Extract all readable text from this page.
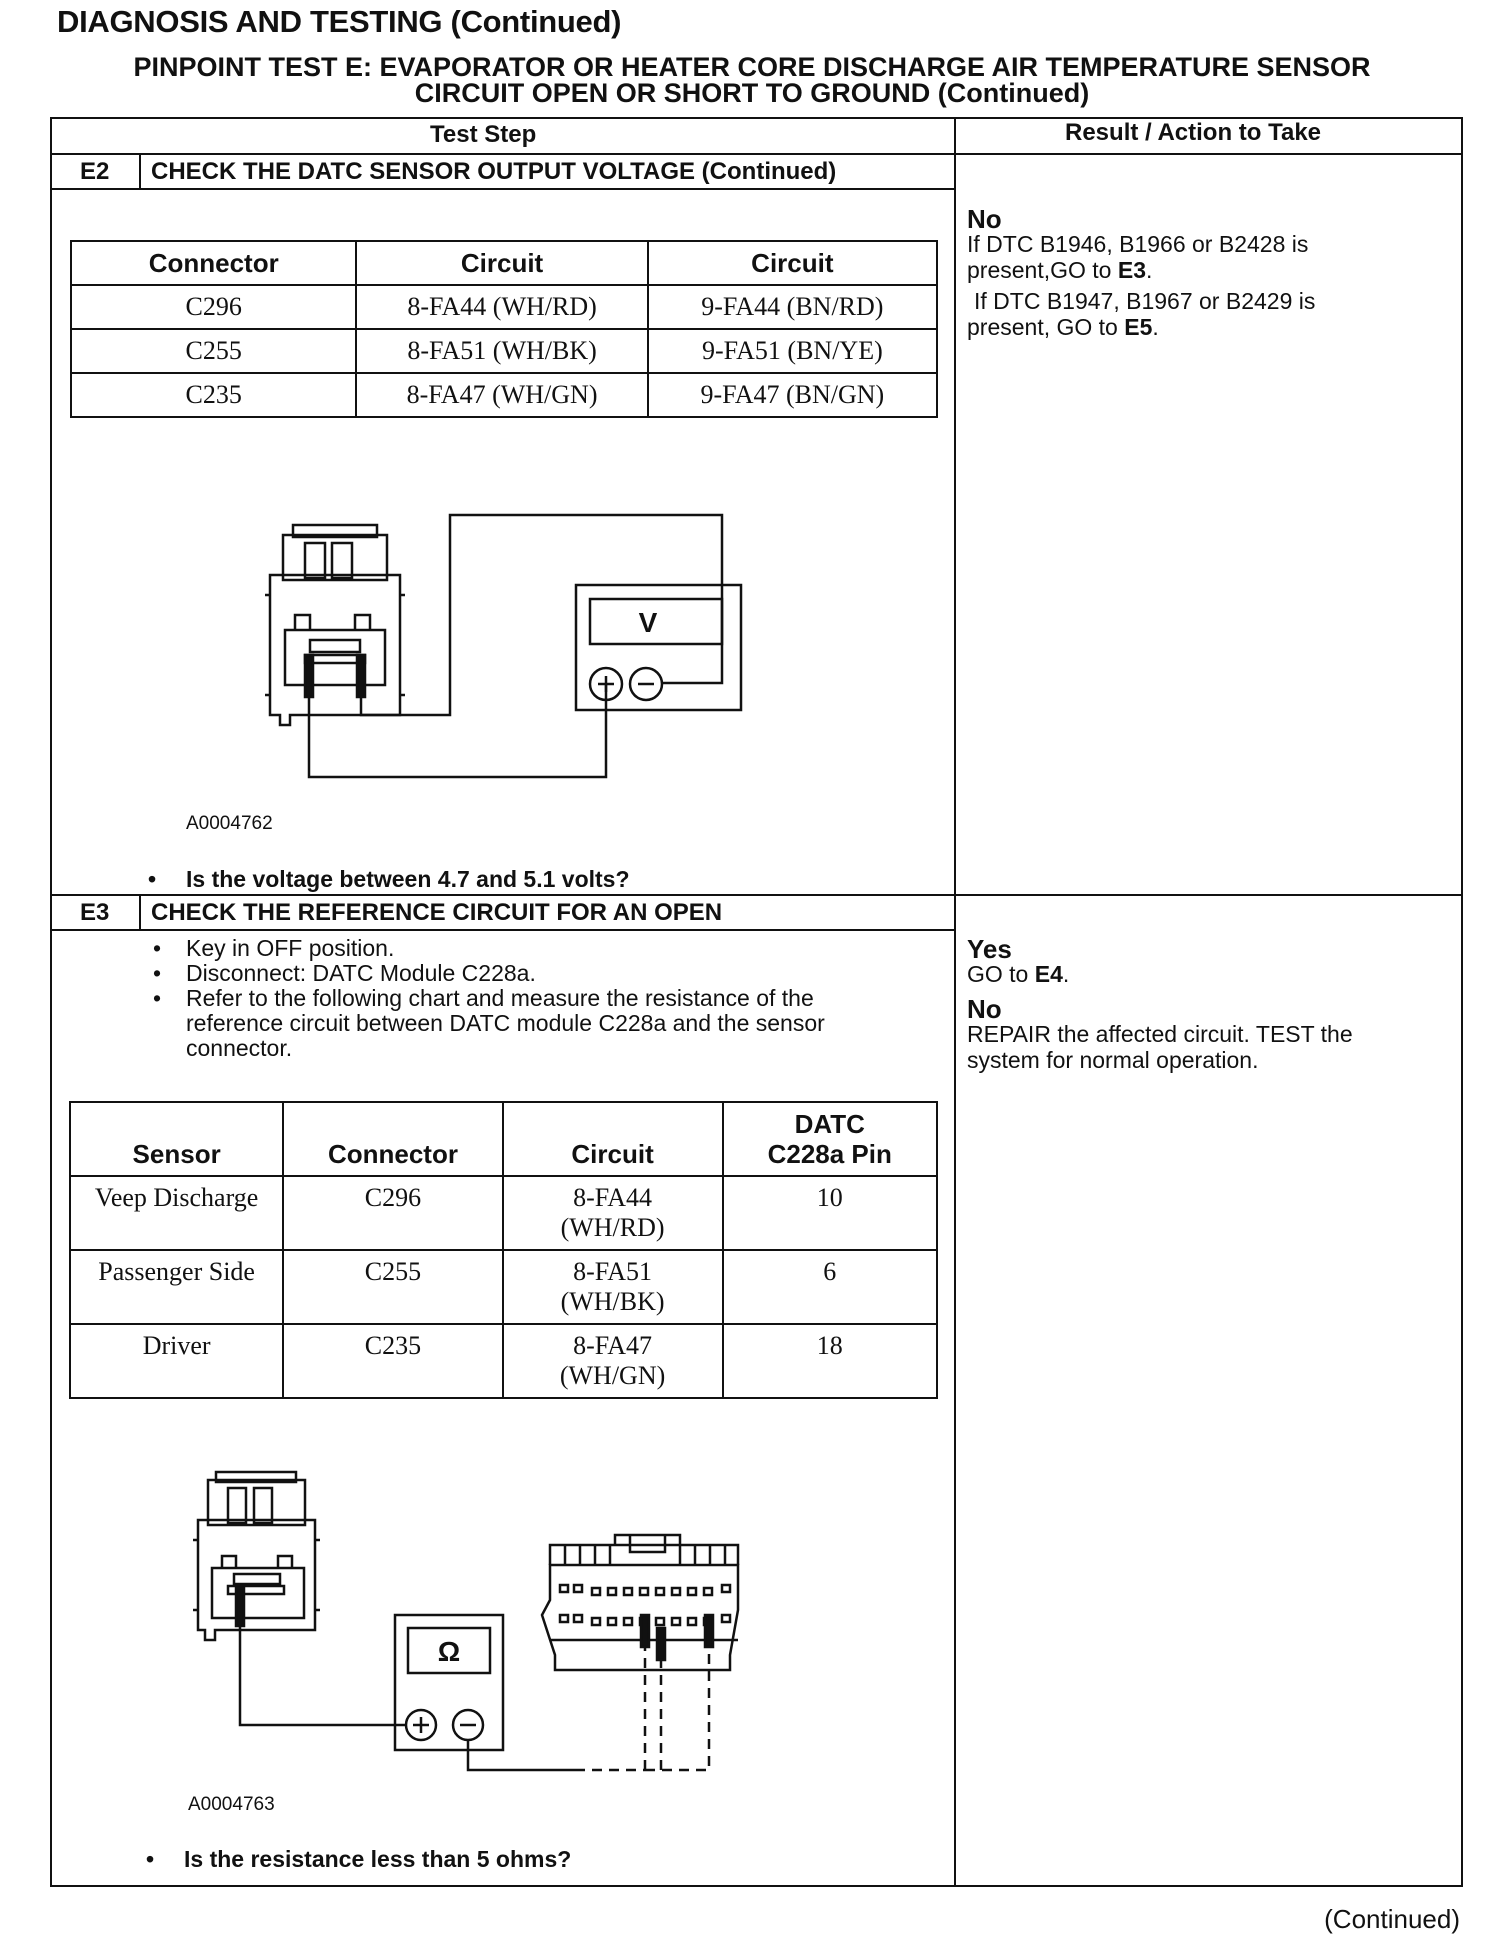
DIAGNOSIS AND TESTING (Continued)
PINPOINT TEST E: EVAPORATOR OR HEATER CORE DISCHARGE AIR TEMPERATURE SENSOR
CIRCUIT OPEN OR SHORT TO GROUND (Continued)
Test Step	Result / Action to Take
E2 CHECK THE DATC SENSOR OUTPUT VOLTAGE (Continued)
Connector	Circuit	Circuit
C296	8-FA44 (WH/RD)	9-FA44 (BN/RD)
C255	8-FA51 (WH/BK)	9-FA51 (BN/YE)
C235	8-FA47 (WH/GN)	9-FA47 (BN/GN)
V
A0004762
• Is the voltage between 4.7 and 5.1 volts?
No
If DTC B1946, B1966 or B2428 is present,GO to E3.
If DTC B1947, B1967 or B2429 is present, GO to E5.
E3 CHECK THE REFERENCE CIRCUIT FOR AN OPEN
• Key in OFF position.
• Disconnect: DATC Module C228a.
• Refer to the following chart and measure the resistance of the reference circuit between DATC module C228a and the sensor connector.
Sensor	Connector	Circuit	DATC C228a Pin
Veep Discharge	C296	8-FA44 (WH/RD)	10
Passenger Side	C255	8-FA51 (WH/BK)	6
Driver	C235	8-FA47 (WH/GN)	18
Ω
A0004763
• Is the resistance less than 5 ohms?
Yes
GO to E4.
No
REPAIR the affected circuit. TEST the system for normal operation.
(Continued)
